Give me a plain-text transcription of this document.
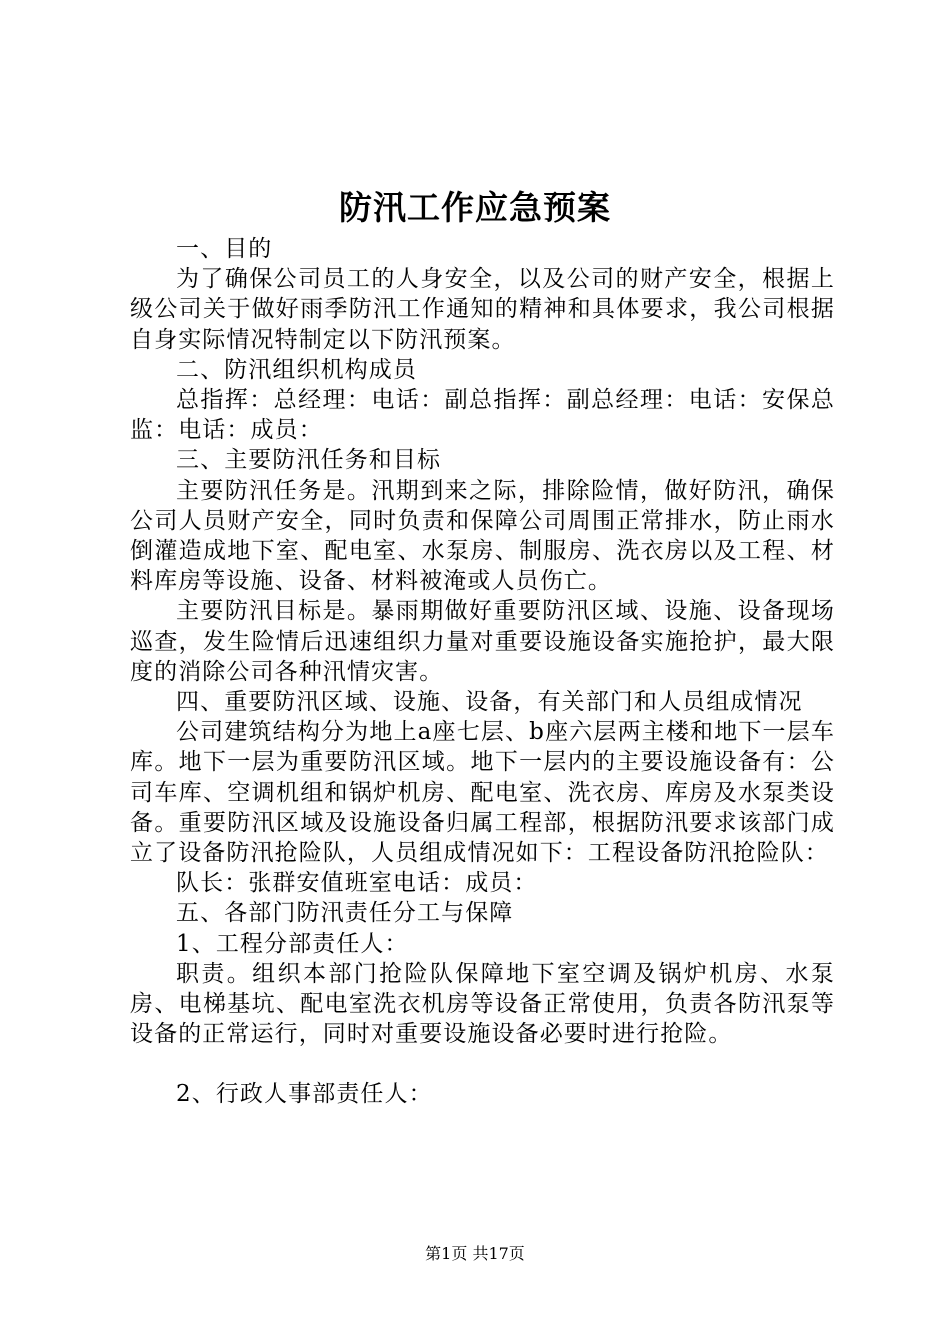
防汛工作应急预案

一、目的

为了确保公司员工的人身安全，以及公司的财产安全，根据上级公司关于做好雨季防汛工作通知的精神和具体要求，我公司根据自身实际情况特制定以下防汛预案。

二、防汛组织机构成员

总指挥：总经理：电话：副总指挥：副总经理：电话：安保总监：电话：成员：

三、主要防汛任务和目标

主要防汛任务是。汛期到来之际，排除险情，做好防汛，确保公司人员财产安全，同时负责和保障公司周围正常排水，防止雨水倒灌造成地下室、配电室、水泵房、制服房、洗衣房以及工程、材料库房等设施、设备、材料被淹或人员伤亡。

主要防汛目标是。暴雨期做好重要防汛区域、设施、设备现场巡查，发生险情后迅速组织力量对重要设施设备实施抢护，最大限度的消除公司各种汛情灾害。

四、重要防汛区域、设施、设备，有关部门和人员组成情况

公司建筑结构分为地上a座七层、b座六层两主楼和地下一层车库。地下一层为重要防汛区域。地下一层内的主要设施设备有：公司车库、空调机组和锅炉机房、配电室、洗衣房、库房及水泵类设备。重要防汛区域及设施设备归属工程部，根据防汛要求该部门成立了设备防汛抢险队，人员组成情况如下：工程设备防汛抢险队：

队长：张群安值班室电话：成员：

五、各部门防汛责任分工与保障

1、工程分部责任人：

职责。组织本部门抢险队保障地下室空调及锅炉机房、水泵房、电梯基坑、配电室洗衣机房等设备正常使用，负责各防汛泵等设备的正常运行，同时对重要设施设备必要时进行抢险。

2、行政人事部责任人：

第1页 共17页
